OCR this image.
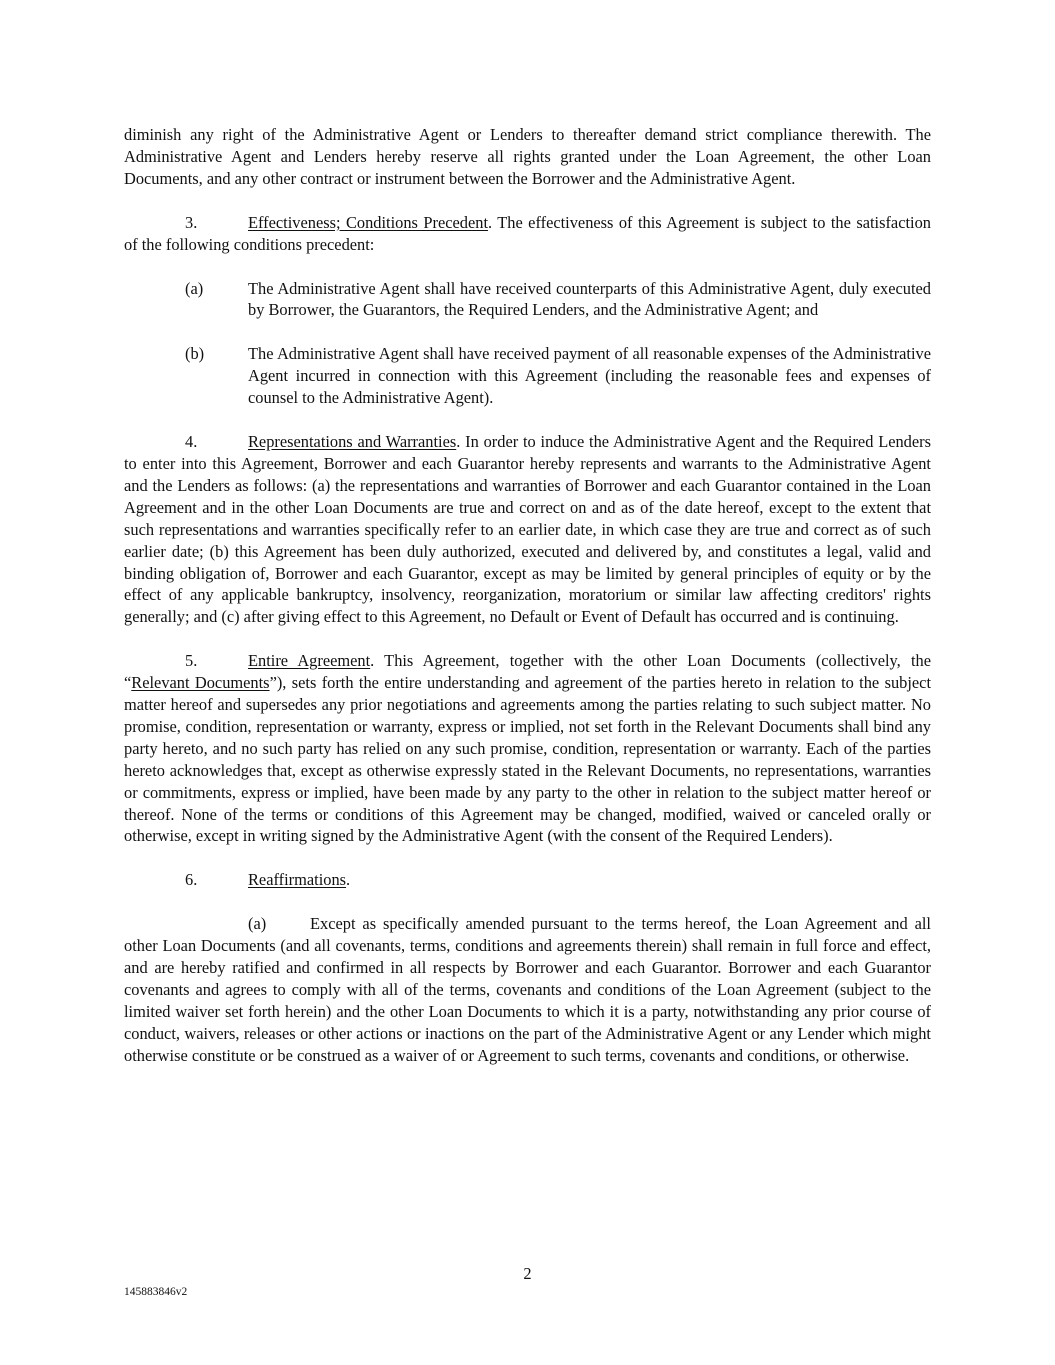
diminish any right of the Administrative Agent or Lenders to thereafter demand strict compliance therewith. The Administrative Agent and Lenders hereby reserve all rights granted under the Loan Agreement, the other Loan Documents, and any other contract or instrument between the Borrower and the Administrative Agent.

3.	Effectiveness; Conditions Precedent. The effectiveness of this Agreement is subject to the satisfaction of the following conditions precedent:

(a)	The Administrative Agent shall have received counterparts of this Administrative Agent, duly executed by Borrower, the Guarantors, the Required Lenders, and the Administrative Agent; and
(b)	The Administrative Agent shall have received payment of all reasonable expenses of the Administrative Agent incurred in connection with this Agreement (including the reasonable fees and expenses of counsel to the Administrative Agent).

4.	Representations and Warranties. In order to induce the Administrative Agent and the Required Lenders to enter into this Agreement, Borrower and each Guarantor hereby represents and warrants to the Administrative Agent and the Lenders as follows: (a) the representations and warranties of Borrower and each Guarantor contained in the Loan Agreement and in the other Loan Documents are true and correct on and as of the date hereof, except to the extent that such representations and warranties specifically refer to an earlier date, in which case they are true and correct as of such earlier date; (b) this Agreement has been duly authorized, executed and delivered by, and constitutes a legal, valid and binding obligation of, Borrower and each Guarantor, except as may be limited by general principles of equity or by the effect of any applicable bankruptcy, insolvency, reorganization, moratorium or similar law affecting creditors' rights generally; and (c) after giving effect to this Agreement, no Default or Event of Default has occurred and is continuing.

5.	Entire Agreement. This Agreement, together with the other Loan Documents (collectively, the “Relevant Documents”), sets forth the entire understanding and agreement of the parties hereto in relation to the subject matter hereof and supersedes any prior negotiations and agreements among the parties relating to such subject matter. No promise, condition, representation or warranty, express or implied, not set forth in the Relevant Documents shall bind any party hereto, and no such party has relied on any such promise, condition, representation or warranty. Each of the parties hereto acknowledges that, except as otherwise expressly stated in the Relevant Documents, no representations, warranties or commitments, express or implied, have been made by any party to the other in relation to the subject matter hereof or thereof. None of the terms or conditions of this Agreement may be changed, modified, waived or canceled orally or otherwise, except in writing signed by the Administrative Agent (with the consent of the Required Lenders).

6.	Reaffirmations.

(a)	Except as specifically amended pursuant to the terms hereof, the Loan Agreement and all other Loan Documents (and all covenants, terms, conditions and agreements therein) shall remain in full force and effect, and are hereby ratified and confirmed in all respects by Borrower and each Guarantor. Borrower and each Guarantor covenants and agrees to comply with all of the terms, covenants and conditions of the Loan Agreement (subject to the limited waiver set forth herein) and the other Loan Documents to which it is a party, notwithstanding any prior course of conduct, waivers, releases or other actions or inactions on the part of the Administrative Agent or any Lender which might otherwise constitute or be construed as a waiver of or Agreement to such terms, covenants and conditions, or otherwise.

2
145883846v2
